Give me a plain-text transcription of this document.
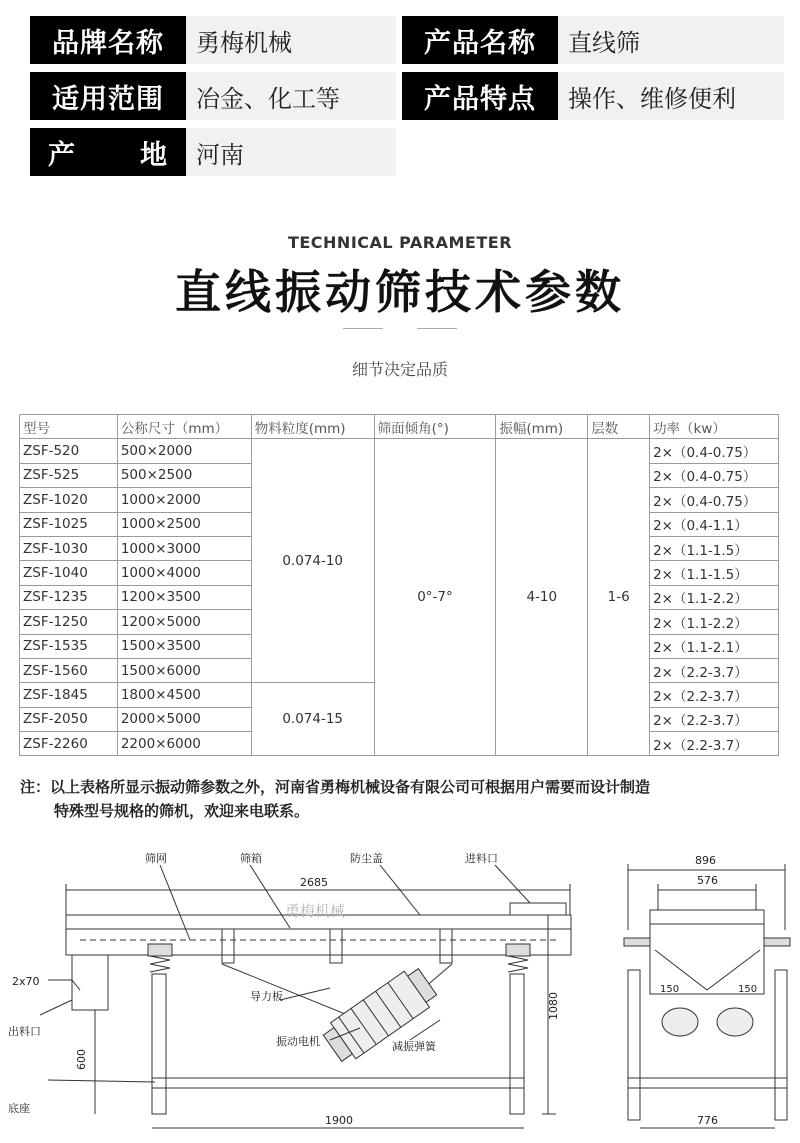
品牌名称	勇梅机械	产品名称	直线筛
适用范围	冶金、化工等	产品特点	操作、维修便利
产 地	河南
TECHNICAL PARAMETER
直线振动筛技术参数
细节决定品质
型号	公称尺寸（mm）	物料粒度(mm)	筛面倾角(°)	振幅(mm)	层数	功率（kw）
ZSF-520	500×2000	0.074-10	0°-7°	4-10	1-6	2×（0.4-0.75）
ZSF-525	500×2500					2×（0.4-0.75）
ZSF-1020	1000×2000					2×（0.4-0.75）
ZSF-1025	1000×2500					2×（0.4-1.1）
ZSF-1030	1000×3000					2×（1.1-1.5）
ZSF-1040	1000×4000					2×（1.1-1.5）
ZSF-1235	1200×3500					2×（1.1-2.2）
ZSF-1250	1200×5000					2×（1.1-2.2）
ZSF-1535	1500×3500					2×（1.1-2.1）
ZSF-1560	1500×6000					2×（2.2-3.7）
ZSF-1845	1800×4500	0.074-15				2×（2.2-3.7）
ZSF-2050	2000×5000					2×（2.2-3.7）
ZSF-2260	2200×6000					2×（2.2-3.7）
注：以上表格所显示振动筛参数之外，河南省勇梅机械设备有限公司可根据用户需要而设计制造
特殊型号规格的筛机，欢迎来电联系。
勇梅机械
筛网	筛箱	防尘盖	进料口
2685
2x70
出料口
导力板
振动电机	减振弹簧
底座
1080
600
1900
896
576
150	150
776
